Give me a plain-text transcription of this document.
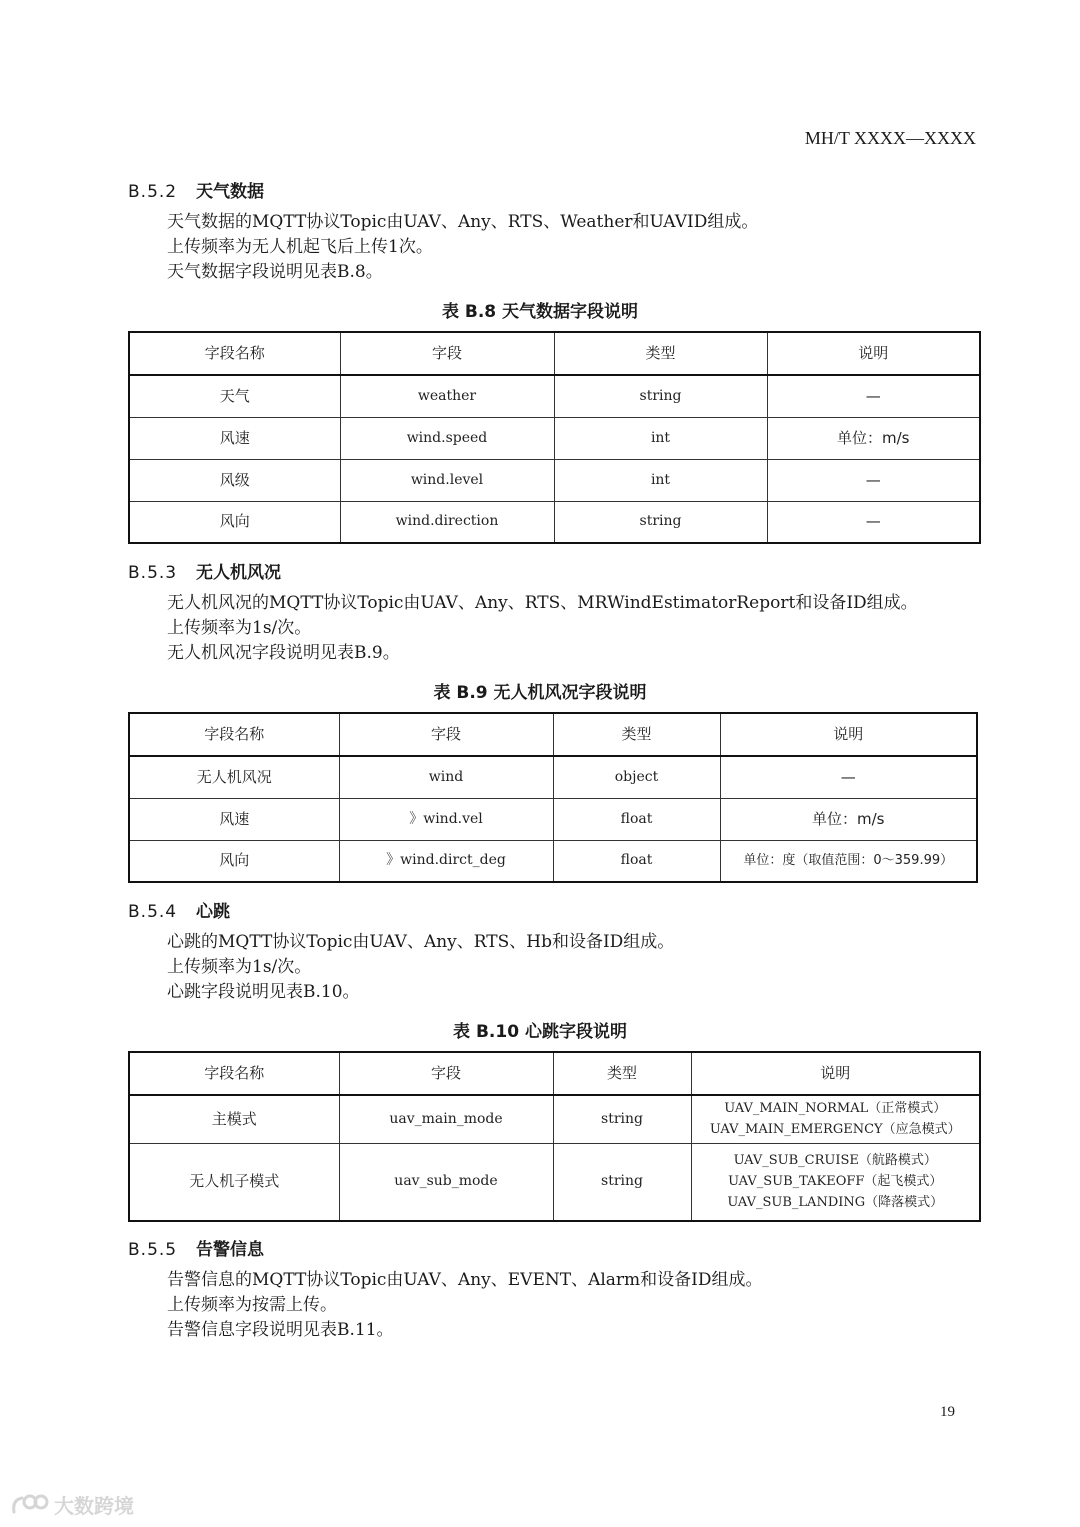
MH/T XXXX—XXXX
B.5.2 天气数据
天气数据的MQTT协议Topic由UAV、Any、RTS、Weather和UAVID组成。
上传频率为无人机起飞后上传1次。
天气数据字段说明见表B.8。
表 B.8 天气数据字段说明
字段名称	字段	类型	说明
天气	weather	string	—
风速	wind.speed	int	单位：m/s
风级	wind.level	int	—
风向	wind.direction	string	—
B.5.3 无人机风况
无人机风况的MQTT协议Topic由UAV、Any、RTS、MRWindEstimatorReport和设备ID组成。
上传频率为1s/次。
无人机风况字段说明见表B.9。
表 B.9 无人机风况字段说明
字段名称	字段	类型	说明
无人机风况	wind	object	—
风速	》wind.vel	float	单位：m/s
风向	》wind.dirct_deg	float	单位：度（取值范围：0～359.99）
B.5.4 心跳
心跳的MQTT协议Topic由UAV、Any、RTS、Hb和设备ID组成。
上传频率为1s/次。
心跳字段说明见表B.10。
表 B.10 心跳字段说明
字段名称	字段	类型	说明
主模式	uav_main_mode	string	UAV_MAIN_NORMAL（正常模式）
UAV_MAIN_EMERGENCY（应急模式）

无人机子模式	uav_sub_mode	string	UAV_SUB_CRUISE（航路模式）
UAV_SUB_TAKEOFF（起飞模式）
UAV_SUB_LANDING（降落模式）
B.5.5 告警信息
告警信息的MQTT协议Topic由UAV、Any、EVENT、Alarm和设备ID组成。
上传频率为按需上传。
告警信息字段说明见表B.11。
19
大数跨境
